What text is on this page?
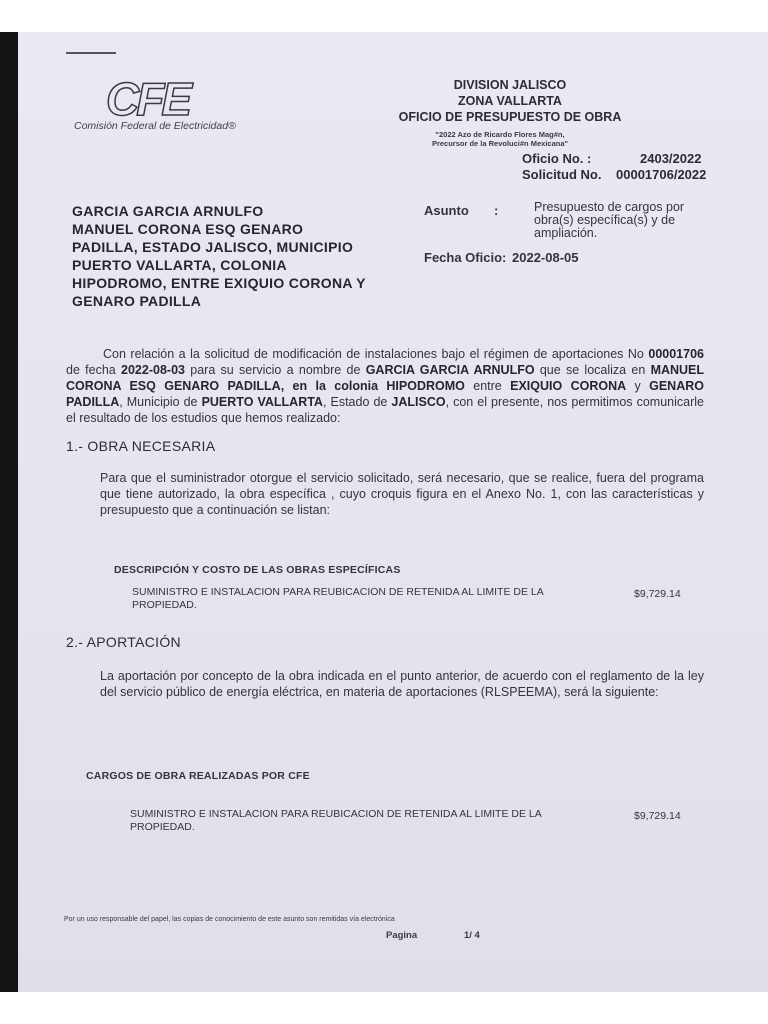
CFE
Comisión Federal de Electricidad®
DIVISION JALISCO
ZONA VALLARTA
OFICIO DE PRESUPUESTO DE OBRA
"2022 Azo de Ricardo Flores Mag#n,
Precursor de la Revoluci#n Mexicana"
Oficio No. :	2403/2022
Solicitud No. 00001706/2022
GARCIA GARCIA ARNULFO
MANUEL CORONA ESQ GENARO
PADILLA, ESTADO JALISCO, MUNICIPIO
PUERTO VALLARTA, COLONIA
HIPODROMO, ENTRE EXIQUIO CORONA Y
GENARO PADILLA
Asunto :	Presupuesto de cargos por obra(s) específica(s) y de ampliación.
Fecha Oficio: 2022-08-05
Con relación a la solicitud de modificación de instalaciones bajo el régimen de aportaciones No 00001706 de fecha 2022-08-03 para su servicio a nombre de GARCIA GARCIA ARNULFO que se localiza en MANUEL CORONA ESQ GENARO PADILLA, en la colonia HIPODROMO entre EXIQUIO CORONA y GENARO PADILLA, Municipio de PUERTO VALLARTA, Estado de JALISCO, con el presente, nos permitimos comunicarle el resultado de los estudios que hemos realizado:
1.- OBRA NECESARIA
Para que el suministrador otorgue el servicio solicitado, será necesario, que se realice, fuera del programa que tiene autorizado, la obra específica , cuyo croquis figura en el Anexo No. 1, con las características y presupuesto que a continuación se listan:
DESCRIPCIÓN Y COSTO DE LAS OBRAS ESPECÍFICAS
SUMINISTRO E INSTALACION PARA REUBICACION DE RETENIDA AL LIMITE DE LA PROPIEDAD.
$9,729.14
2.- APORTACIÓN
La aportación por concepto de la obra indicada en el punto anterior, de acuerdo con el reglamento de la ley del servicio público de energía eléctrica, en materia de aportaciones (RLSPEEMA), será la siguiente:
CARGOS DE OBRA REALIZADAS POR CFE
SUMINISTRO E INSTALACION PARA REUBICACION DE RETENIDA AL LIMITE DE LA PROPIEDAD.
$9,729.14
Por un uso responsable del papel, las copias de conocimiento de este asunto son remitidas vía electrónica
Pagina	1/ 4
